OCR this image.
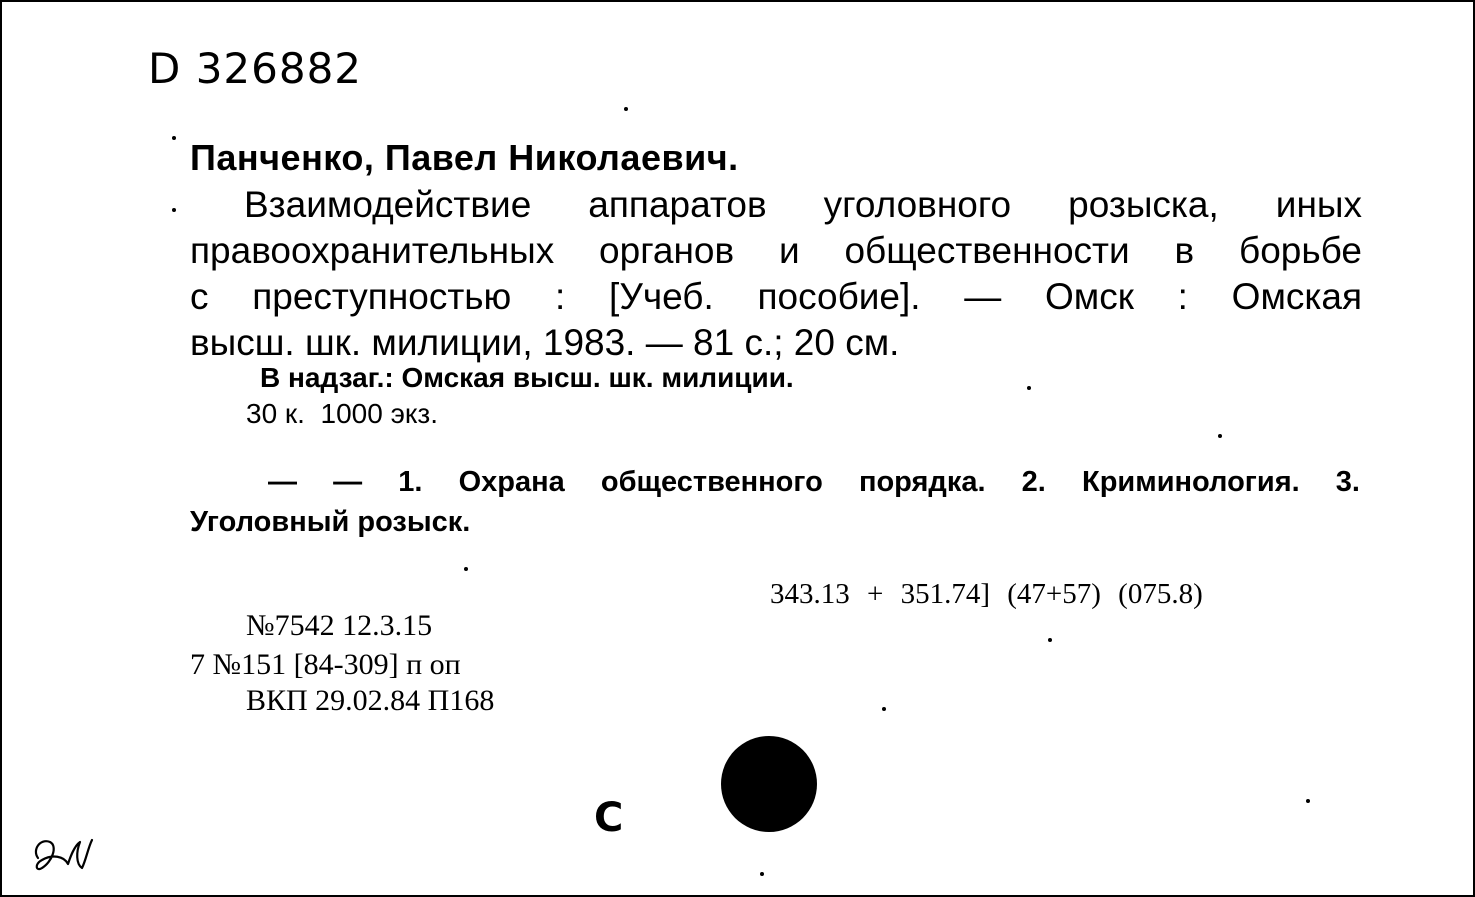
D 326882
Панченко, Павел Николаевич.
Взаимодействие аппаратов уголовного розыска, иных
правоохранительных органов и общественности в борьбе
с преступностью : [Учеб. пособие]. — Омск : Омская
высш. шк. милиции, 1983. — 81 с.; 20 см.
В надзаг.: Омская высш. шк. милиции.
30 к.  1000 экз.
— — 1. Охрана общественного порядка. 2. Криминология. 3.
Уголовный розыск.
343.13 + 351.74] (47+57) (075.8)
№7542 12.3.15
7 №151 [84-309] п оп
ВКП 29.02.84 П168
С
